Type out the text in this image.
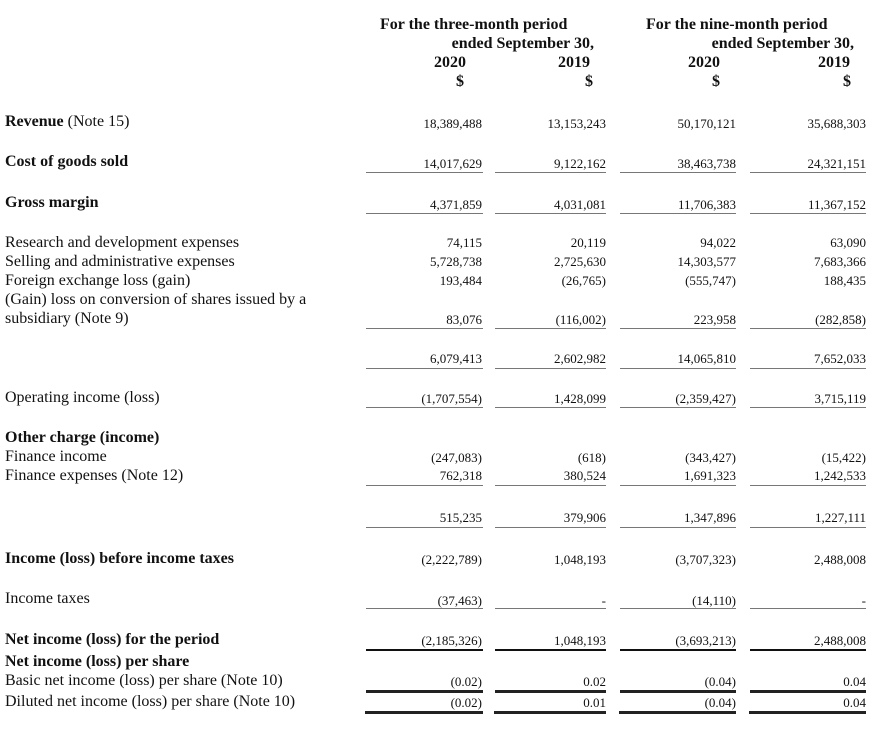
For the three-month period
ended September 30,
For the nine-month period
ended September 30,
2020	2019	2020	2019
$	$	$	$
Revenue (Note 15)	18,389,488	13,153,243	50,170,121	35,688,303
Cost of goods sold	14,017,629	9,122,162	38,463,738	24,321,151
Gross margin	4,371,859	4,031,081	11,706,383	11,367,152
Research and development expenses	74,115	20,119	94,022	63,090
Selling and administrative expenses	5,728,738	2,725,630	14,303,577	7,683,366
Foreign exchange loss (gain)	193,484	(26,765)	(555,747)	188,435
(Gain) loss on conversion of shares issued by a
subsidiary (Note 9)	83,076	(116,002)	223,958	(282,858)
6,079,413	2,602,982	14,065,810	7,652,033
Operating income (loss)	(1,707,554)	1,428,099	(2,359,427)	3,715,119
Other charge (income)
Finance income	(247,083)	(618)	(343,427)	(15,422)
Finance expenses (Note 12)	762,318	380,524	1,691,323	1,242,533
515,235	379,906	1,347,896	1,227,111
Income (loss) before income taxes	(2,222,789)	1,048,193	(3,707,323)	2,488,008
Income taxes	(37,463)	-	(14,110)	-
Net income (loss) for the period	(2,185,326)	1,048,193	(3,693,213)	2,488,008
Net income (loss) per share
Basic net income (loss) per share (Note 10)	(0.02)	0.02	(0.04)	0.04
Diluted net income (loss) per share (Note 10)	(0.02)	0.01	(0.04)	0.04
